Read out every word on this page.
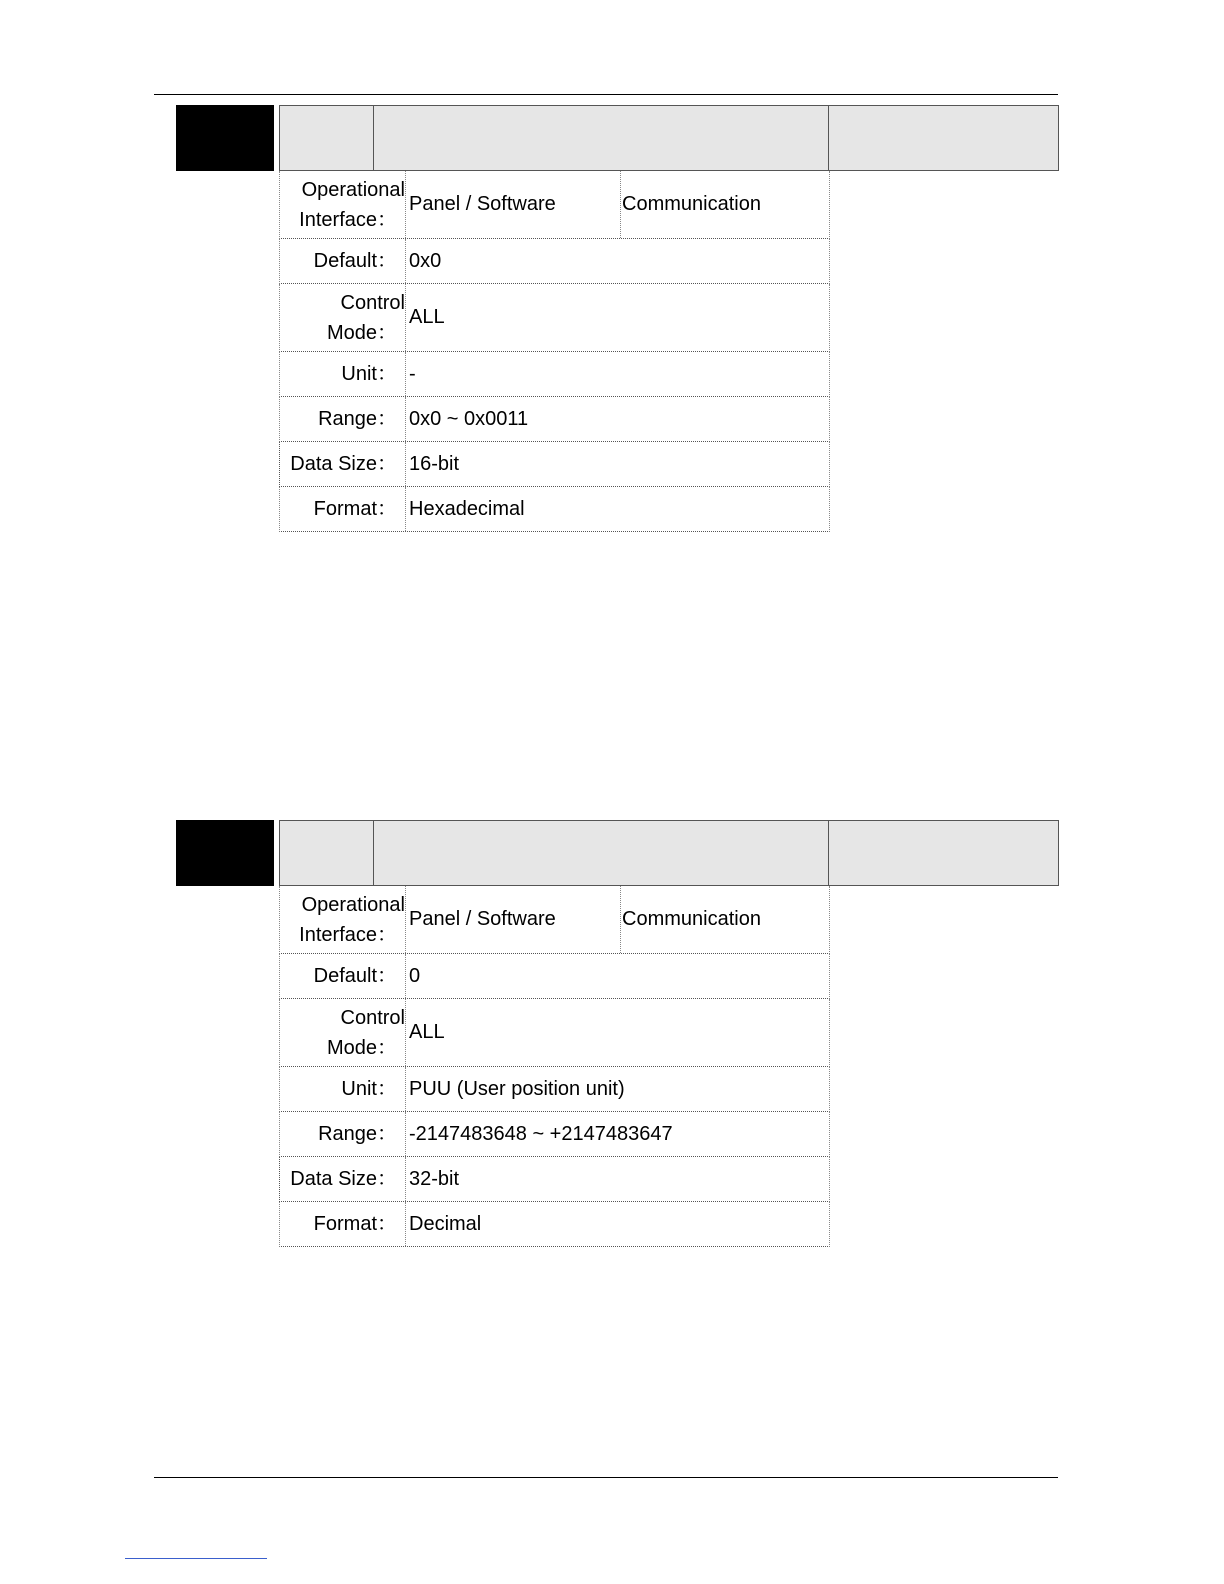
Operational
Interface：
Panel / Software	Communication
Default： 0x0
Control
Mode：
ALL
Unit： -
Range： 0x0 ~ 0x0011
Data Size： 16-bit
Format： Hexadecimal
Operational
Interface：
Panel / Software	Communication
Default： 0
Control
Mode：
ALL
Unit： PUU (User position unit)
Range： -2147483648 ~ +2147483647
Data Size： 32-bit
Format： Decimal
